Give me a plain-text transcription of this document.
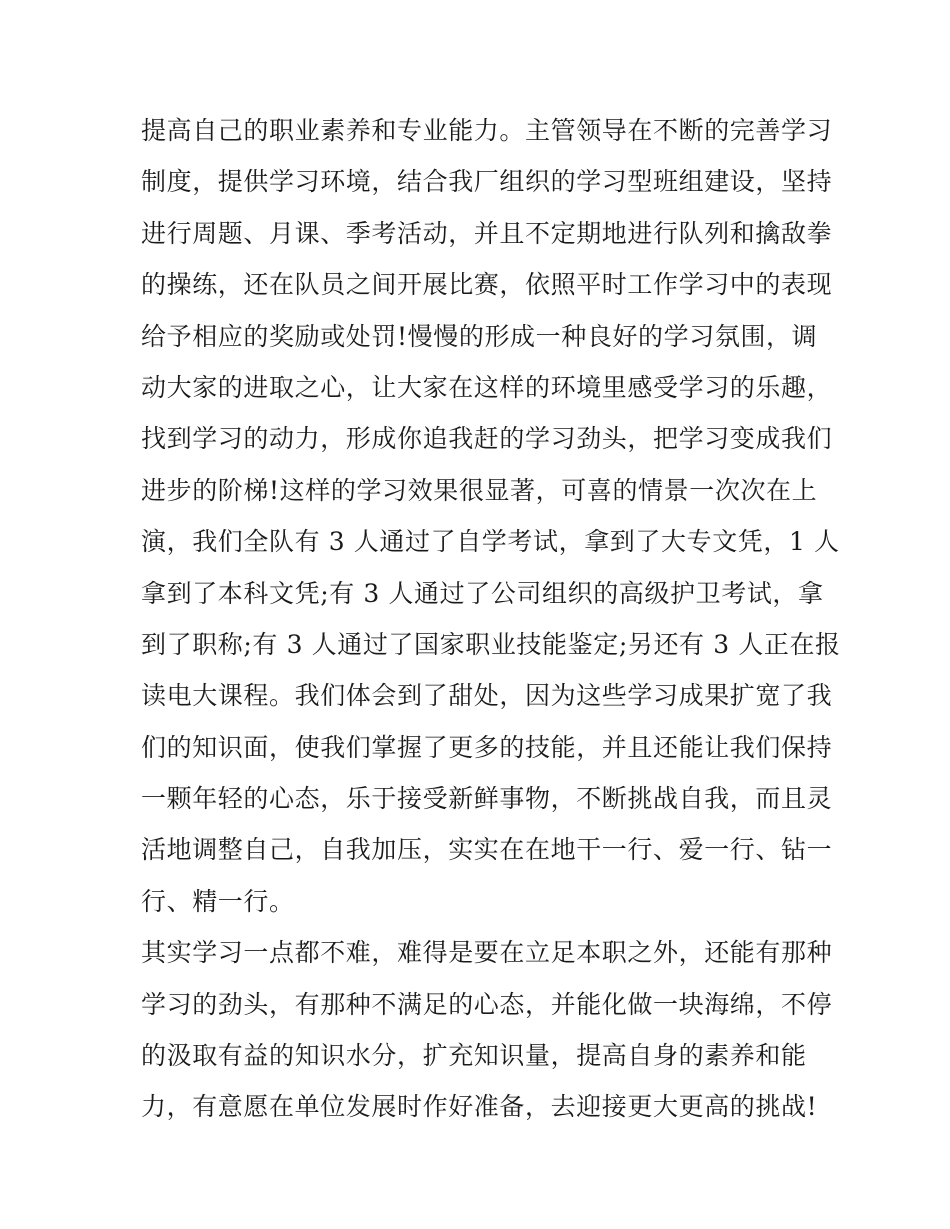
提高自己的职业素养和专业能力。主管领导在不断的完善学习
制度，提供学习环境，结合我厂组织的学习型班组建设，坚持
进行周题、月课、季考活动，并且不定期地进行队列和擒敌拳
的操练，还在队员之间开展比赛，依照平时工作学习中的表现
给予相应的奖励或处罚!慢慢的形成一种良好的学习氛围，调
动大家的进取之心，让大家在这样的环境里感受学习的乐趣，
找到学习的动力，形成你追我赶的学习劲头，把学习变成我们
进步的阶梯!这样的学习效果很显著，可喜的情景一次次在上
演，我们全队有 3 人通过了自学考试，拿到了大专文凭，1 人
拿到了本科文凭;有 3 人通过了公司组织的高级护卫考试，拿
到了职称;有 3 人通过了国家职业技能鉴定;另还有 3 人正在报
读电大课程。我们体会到了甜处，因为这些学习成果扩宽了我
们的知识面，使我们掌握了更多的技能，并且还能让我们保持
一颗年轻的心态，乐于接受新鲜事物，不断挑战自我，而且灵
活地调整自己，自我加压，实实在在地干一行、爱一行、钻一
行、精一行。
其实学习一点都不难，难得是要在立足本职之外，还能有那种
学习的劲头，有那种不满足的心态，并能化做一块海绵，不停
的汲取有益的知识水分，扩充知识量，提高自身的素养和能
力，有意愿在单位发展时作好准备，去迎接更大更高的挑战!
